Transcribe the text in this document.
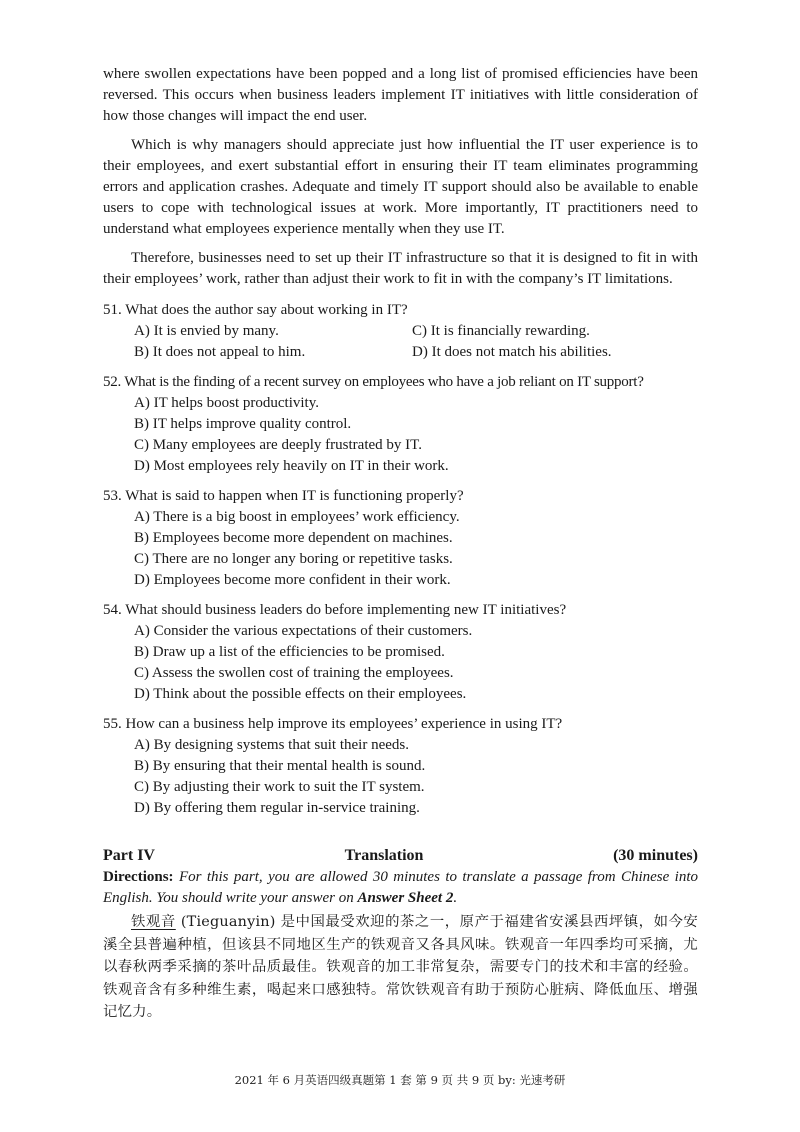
where swollen expectations have been popped and a long list of promised efficiencies have been reversed. This occurs when business leaders implement IT initiatives with little consideration of how those changes will impact the end user.

Which is why managers should appreciate just how influential the IT user experience is to their employees, and exert substantial effort in ensuring their IT team eliminates programming errors and application crashes. Adequate and timely IT support should also be available to enable users to cope with technological issues at work. More importantly, IT practitioners need to understand what employees experience mentally when they use IT.

Therefore, businesses need to set up their IT infrastructure so that it is designed to fit in with their employees’ work, rather than adjust their work to fit in with the company’s IT limitations.

51. What does the author say about working in IT?

A) It is envied by many.	C) It is financially rewarding.
B) It does not appeal to him.	D) It does not match his abilities.

52. What is the finding of a recent survey on employees who have a job reliant on IT support?

A) IT helps boost productivity.
B) IT helps improve quality control.
C) Many employees are deeply frustrated by IT.
D) Most employees rely heavily on IT in their work.

53. What is said to happen when IT is functioning properly?

A) There is a big boost in employees’ work efficiency.
B) Employees become more dependent on machines.
C) There are no longer any boring or repetitive tasks.
D) Employees become more confident in their work.

54. What should business leaders do before implementing new IT initiatives?

A) Consider the various expectations of their customers.
B) Draw up a list of the efficiencies to be promised.
C) Assess the swollen cost of training the employees.
D) Think about the possible effects on their employees.

55. How can a business help improve its employees’ experience in using IT?

A) By designing systems that suit their needs.
B) By ensuring that their mental health is sound.
C) By adjusting their work to suit the IT system.
D) By offering them regular in-service training.
Part IV	Translation	(30 minutes)

Directions: For this part, you are allowed 30 minutes to translate a passage from Chinese into English. You should write your answer on Answer Sheet 2.

铁观音 (Tieguanyin) 是中国最受欢迎的茶之一，原产于福建省安溪县西坪镇，如今安溪全县普遍种植，但该县不同地区生产的铁观音又各具风味。铁观音一年四季均可采摘，尤以春秋两季采摘的茶叶品质最佳。铁观音的加工非常复杂，需要专门的技术和丰富的经验。铁观音含有多种维生素，喝起来口感独特。常饮铁观音有助于预防心脏病、降低血压、增强记忆力。

2021 年 6 月英语四级真题第 1 套 第 9 页 共 9 页 by: 光速考研
